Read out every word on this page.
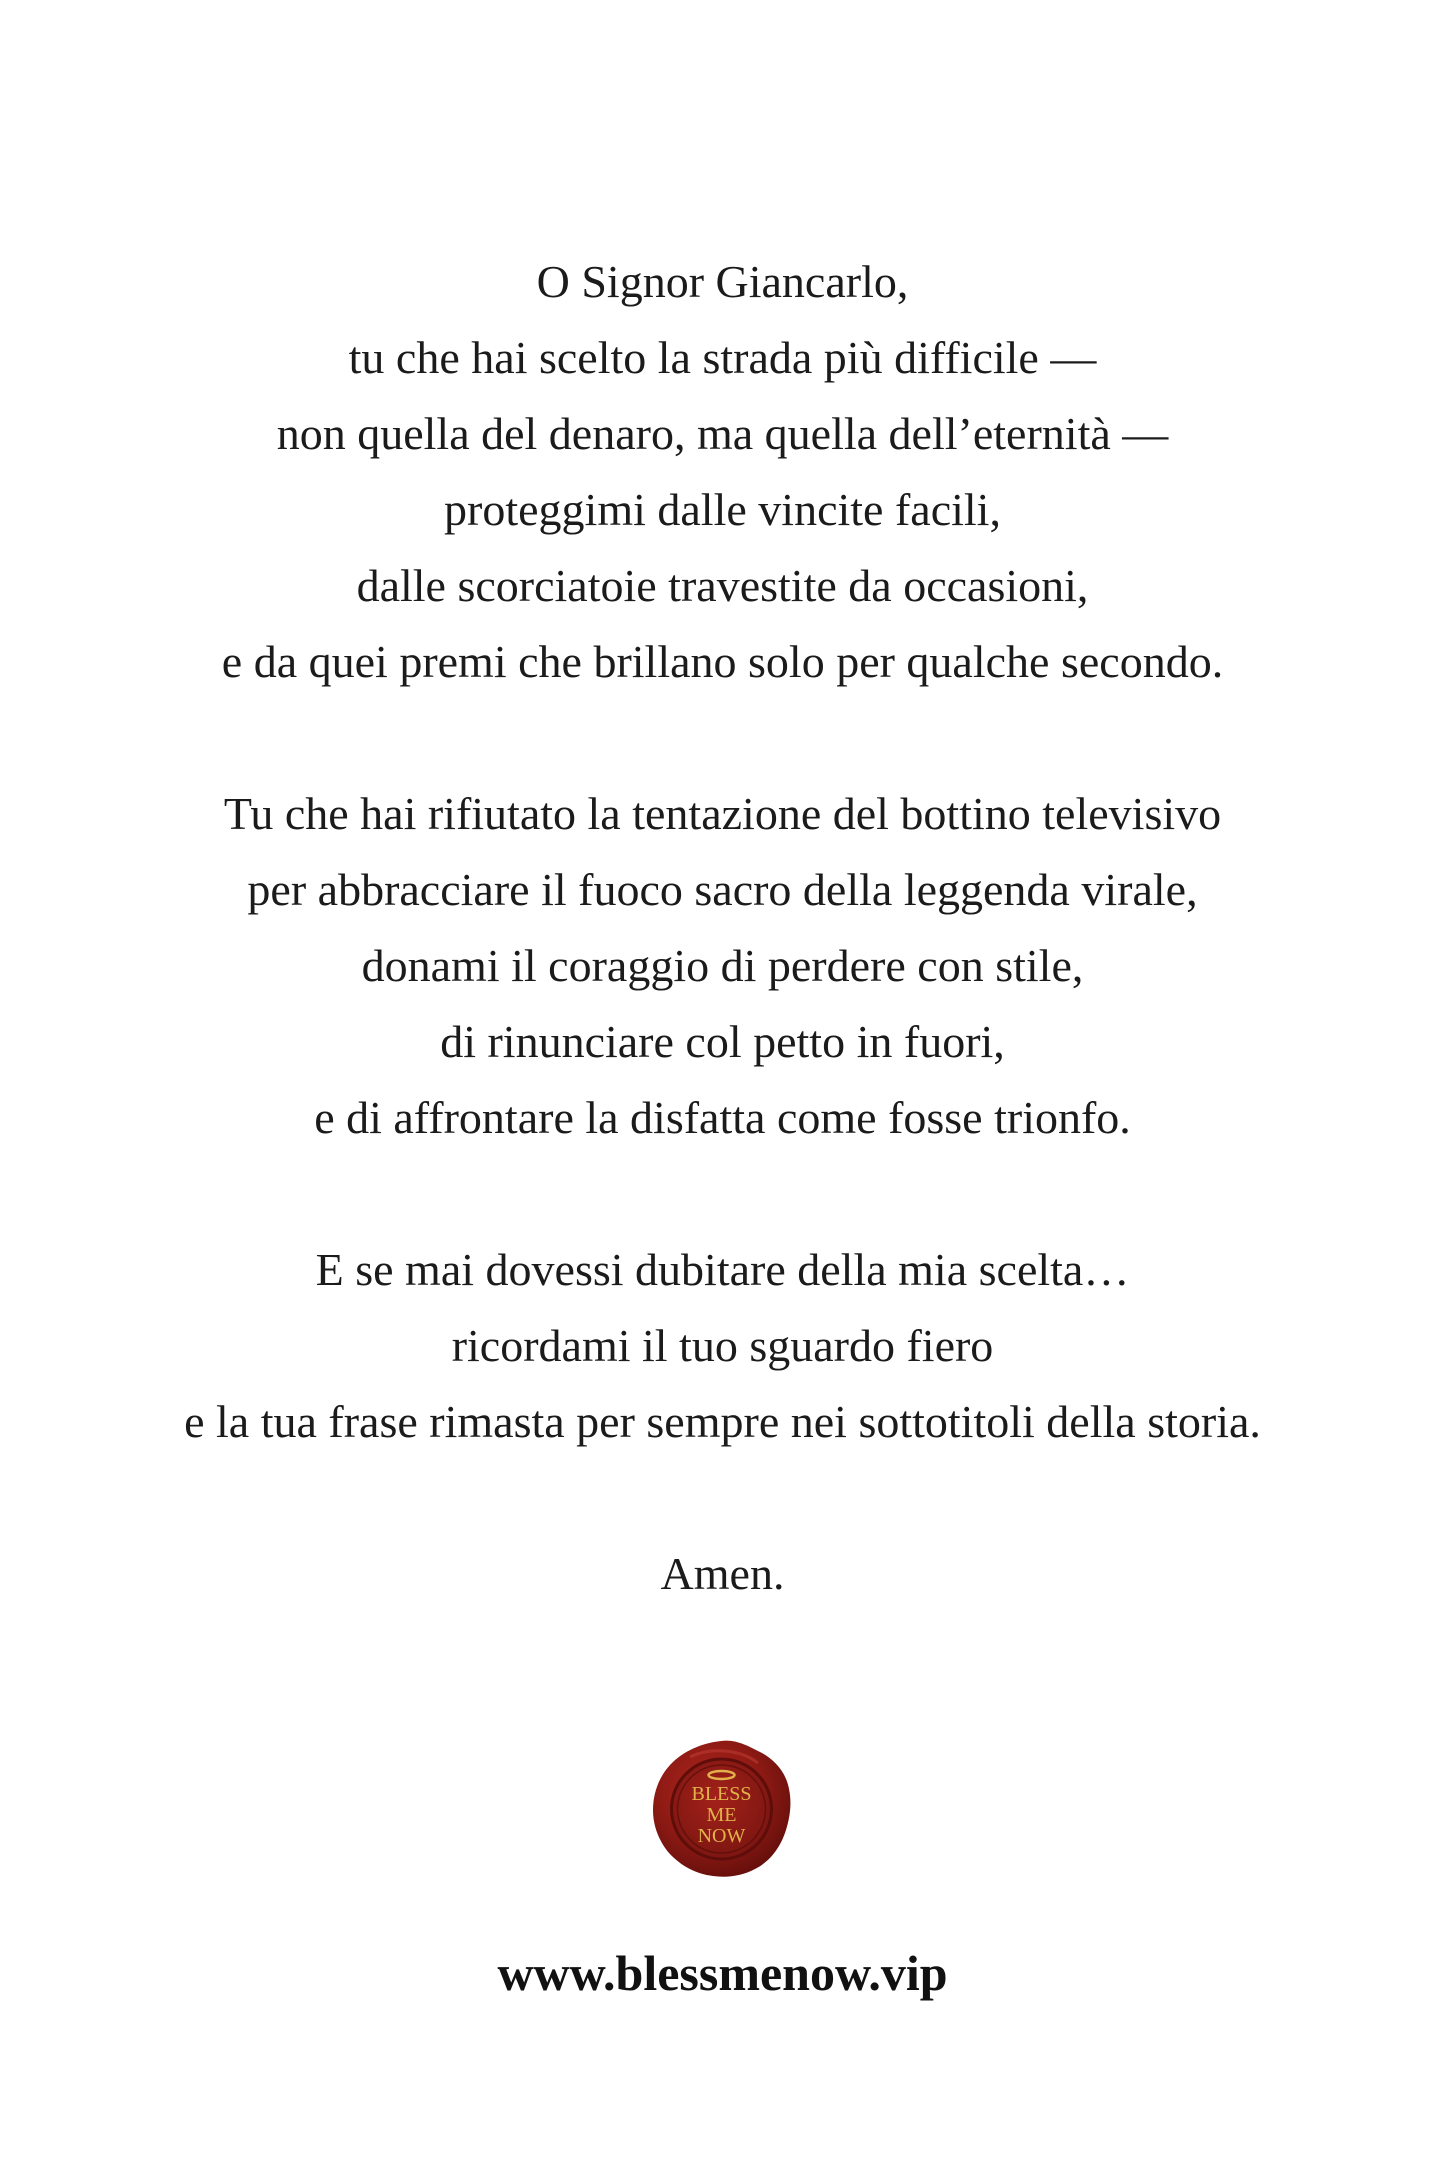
O Signor Giancarlo,
tu che hai scelto la strada più difficile —
non quella del denaro, ma quella dell’eternità —
proteggimi dalle vincite facili,
dalle scorciatoie travestite da occasioni,
e da quei premi che brillano solo per qualche secondo.
Tu che hai rifiutato la tentazione del bottino televisivo
per abbracciare il fuoco sacro della leggenda virale,
donami il coraggio di perdere con stile,
di rinunciare col petto in fuori,
e di affrontare la disfatta come fosse trionfo.
E se mai dovessi dubitare della mia scelta…
ricordami il tuo sguardo fiero
e la tua frase rimasta per sempre nei sottotitoli della storia.
Amen.
BLESS
ME
NOW
www.blessmenow.vip
